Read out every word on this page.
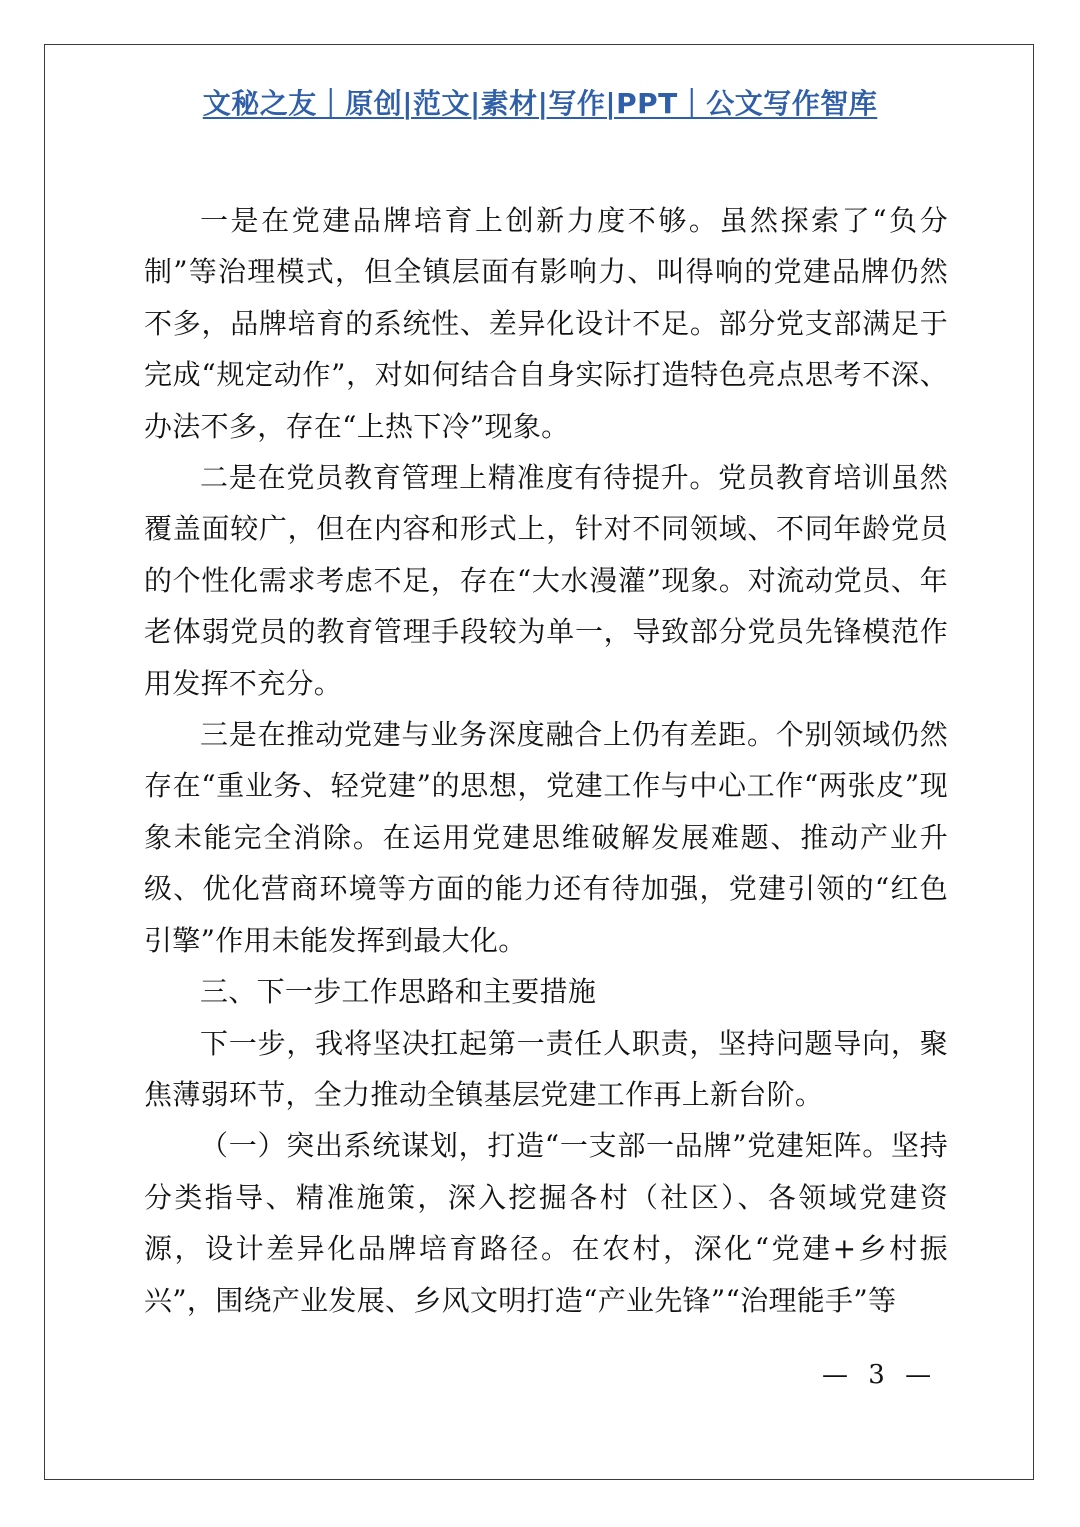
文秘之友｜原创|范文|素材|写作|PPT｜公文写作智库

一是在党建品牌培育上创新力度不够。虽然探索了“负分制”等治理模式，但全镇层面有影响力、叫得响的党建品牌仍然不多，品牌培育的系统性、差异化设计不足。部分党支部满足于完成“规定动作”，对如何结合自身实际打造特色亮点思考不深、办法不多，存在“上热下冷”现象。

二是在党员教育管理上精准度有待提升。党员教育培训虽然覆盖面较广，但在内容和形式上，针对不同领域、不同年龄党员的个性化需求考虑不足，存在“大水漫灌”现象。对流动党员、年老体弱党员的教育管理手段较为单一，导致部分党员先锋模范作用发挥不充分。

三是在推动党建与业务深度融合上仍有差距。个别领域仍然存在“重业务、轻党建”的思想，党建工作与中心工作“两张皮”现象未能完全消除。在运用党建思维破解发展难题、推动产业升级、优化营商环境等方面的能力还有待加强，党建引领的“红色引擎”作用未能发挥到最大化。

三、下一步工作思路和主要措施

下一步，我将坚决扛起第一责任人职责，坚持问题导向，聚焦薄弱环节，全力推动全镇基层党建工作再上新台阶。

（一）突出系统谋划，打造“一支部一品牌”党建矩阵。坚持分类指导、精准施策，深入挖掘各村（社区）、各领域党建资源，设计差异化品牌培育路径。在农村，深化“党建+乡村振兴”，围绕产业发展、乡风文明打造“产业先锋”“治理能手”等

— 3 —
